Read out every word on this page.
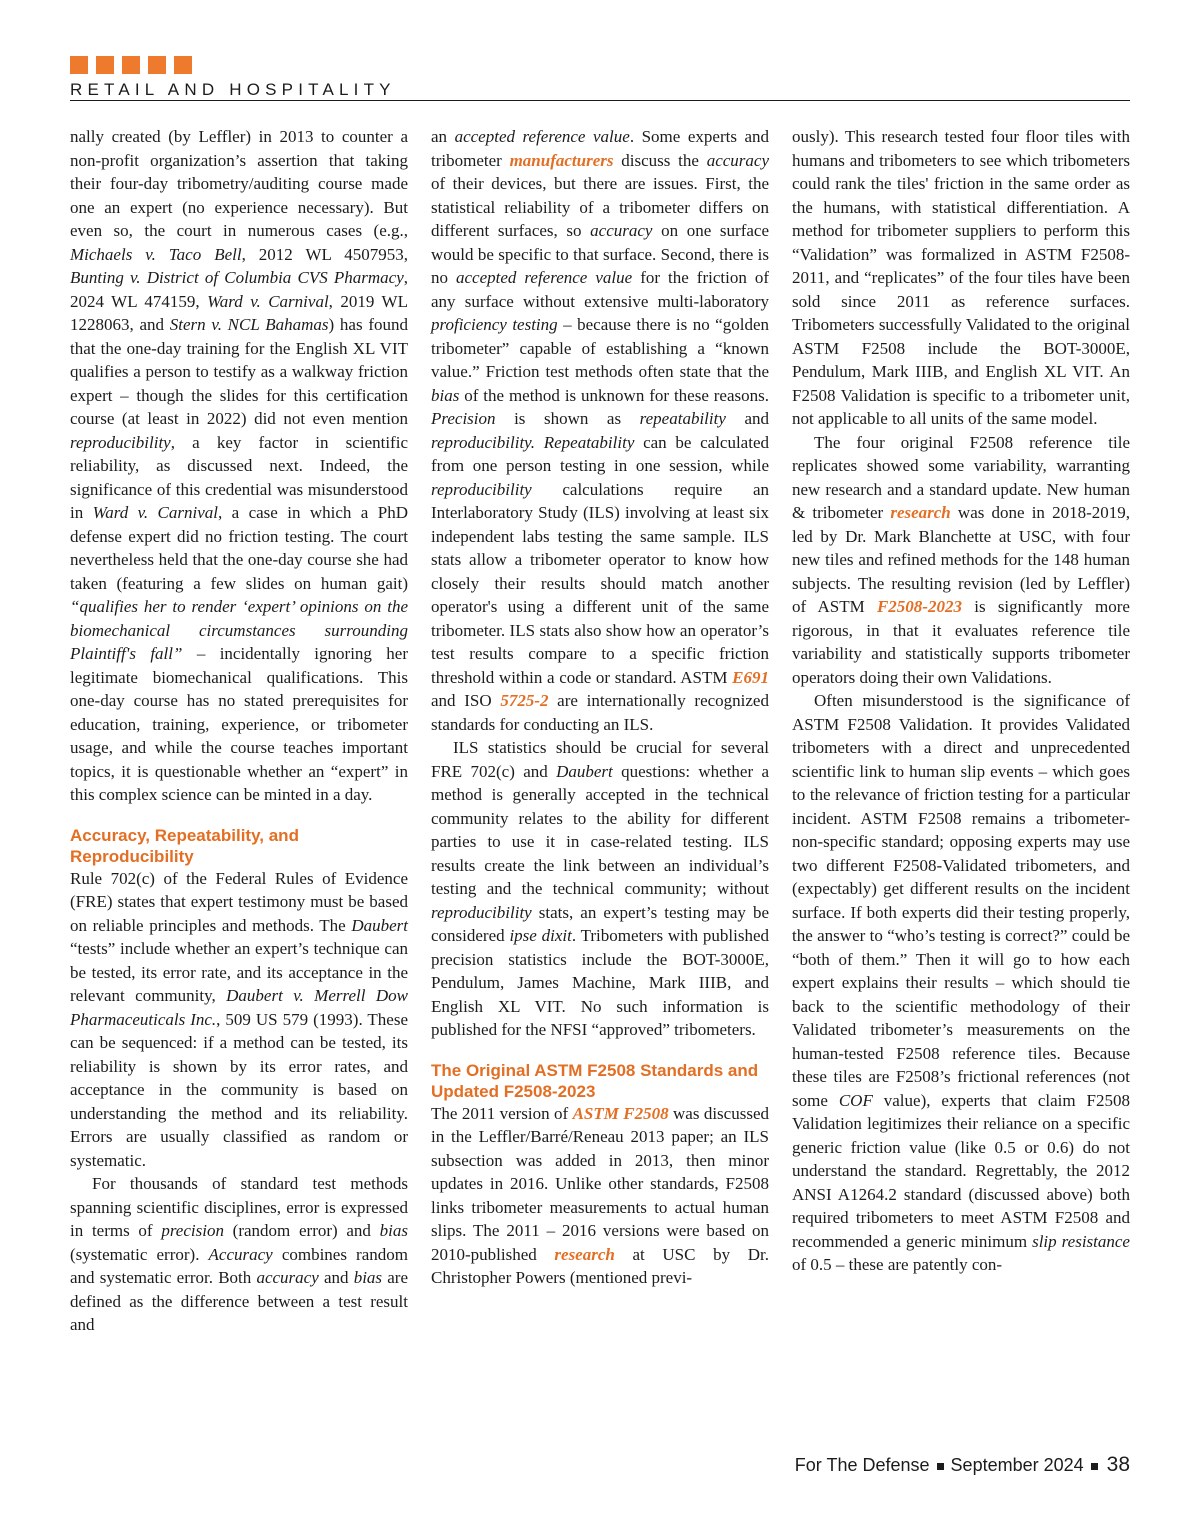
RETAIL AND HOSPITALITY

nally created (by Leffler) in 2013 to counter a non-profit organization’s assertion that taking their four-day tribometry/auditing course made one an expert (no experience necessary). But even so, the court in numerous cases (e.g., Michaels v. Taco Bell, 2012 WL 4507953, Bunting v. District of Columbia CVS Pharmacy, 2024 WL 474159, Ward v. Carnival, 2019 WL 1228063, and Stern v. NCL Bahamas) has found that the one-day training for the English XL VIT qualifies a person to testify as a walkway friction expert – though the slides for this certification course (at least in 2022) did not even mention reproducibility, a key factor in scientific reliability, as discussed next. Indeed, the significance of this credential was misunderstood in Ward v. Carnival, a case in which a PhD defense expert did no friction testing. The court nevertheless held that the one-day course she had taken (featuring a few slides on human gait) “qualifies her to render ‘expert’ opinions on the biomechanical circumstances surrounding Plaintiff's fall” – incidentally ignoring her legitimate biomechanical qualifications. This one-day course has no stated prerequisites for education, training, experience, or tribometer usage, and while the course teaches important topics, it is questionable whether an “expert” in this complex science can be minted in a day.

Accuracy, Repeatability, and Reproducibility

Rule 702(c) of the Federal Rules of Evidence (FRE) states that expert testimony must be based on reliable principles and methods. The Daubert “tests” include whether an expert’s technique can be tested, its error rate, and its acceptance in the relevant community, Daubert v. Merrell Dow Pharmaceuticals Inc., 509 US 579 (1993). These can be sequenced: if a method can be tested, its reliability is shown by its error rates, and acceptance in the community is based on understanding the method and its reliability. Errors are usually classified as random or systematic.

For thousands of standard test methods spanning scientific disciplines, error is expressed in terms of precision (random error) and bias (systematic error). Accuracy combines random and systematic error. Both accuracy and bias are defined as the difference between a test result and

an accepted reference value. Some experts and tribometer manufacturers discuss the accuracy of their devices, but there are issues. First, the statistical reliability of a tribometer differs on different surfaces, so accuracy on one surface would be specific to that surface. Second, there is no accepted reference value for the friction of any surface without extensive multi-laboratory proficiency testing – because there is no “golden tribometer” capable of establishing a “known value.” Friction test methods often state that the bias of the method is unknown for these reasons. Precision is shown as repeatability and reproducibility. Repeatability can be calculated from one person testing in one session, while reproducibility calculations require an Interlaboratory Study (ILS) involving at least six independent labs testing the same sample. ILS stats allow a tribometer operator to know how closely their results should match another operator's using a different unit of the same tribometer. ILS stats also show how an operator’s test results compare to a specific friction threshold within a code or standard. ASTM E691 and ISO 5725-2 are internationally recognized standards for conducting an ILS.

ILS statistics should be crucial for several FRE 702(c) and Daubert questions: whether a method is generally accepted in the technical community relates to the ability for different parties to use it in case-related testing. ILS results create the link between an individual’s testing and the technical community; without reproducibility stats, an expert’s testing may be considered ipse dixit. Tribometers with published precision statistics include the BOT-3000E, Pendulum, James Machine, Mark IIIB, and English XL VIT. No such information is published for the NFSI “approved” tribometers.

The Original ASTM F2508 Standards and Updated F2508-2023

The 2011 version of ASTM F2508 was discussed in the Leffler/Barré/Reneau 2013 paper; an ILS subsection was added in 2013, then minor updates in 2016. Unlike other standards, F2508 links tribometer measurements to actual human slips. The 2011 – 2016 versions were based on 2010-published research at USC by Dr. Christopher Powers (mentioned previ-

ously). This research tested four floor tiles with humans and tribometers to see which tribometers could rank the tiles' friction in the same order as the humans, with statistical differentiation. A method for tribometer suppliers to perform this “Validation” was formalized in ASTM F2508-2011, and “replicates” of the four tiles have been sold since 2011 as reference surfaces. Tribometers successfully Validated to the original ASTM F2508 include the BOT-3000E, Pendulum, Mark IIIB, and English XL VIT. An F2508 Validation is specific to a tribometer unit, not applicable to all units of the same model.

The four original F2508 reference tile replicates showed some variability, warranting new research and a standard update. New human & tribometer research was done in 2018-2019, led by Dr. Mark Blanchette at USC, with four new tiles and refined methods for the 148 human subjects. The resulting revision (led by Leffler) of ASTM F2508-2023 is significantly more rigorous, in that it evaluates reference tile variability and statistically supports tribometer operators doing their own Validations.

Often misunderstood is the significance of ASTM F2508 Validation. It provides Validated tribometers with a direct and unprecedented scientific link to human slip events – which goes to the relevance of friction testing for a particular incident. ASTM F2508 remains a tribometer-non-specific standard; opposing experts may use two different F2508-Validated tribometers, and (expectably) get different results on the incident surface. If both experts did their testing properly, the answer to “who’s testing is correct?” could be “both of them.” Then it will go to how each expert explains their results – which should tie back to the scientific methodology of their Validated tribometer’s measurements on the human-tested F2508 reference tiles. Because these tiles are F2508’s frictional references (not some COF value), experts that claim F2508 Validation legitimizes their reliance on a specific generic friction value (like 0.5 or 0.6) do not understand the standard. Regrettably, the 2012 ANSI A1264.2 standard (discussed above) both required tribometers to meet ASTM F2508 and recommended a generic minimum slip resistance of 0.5 – these are patently con-

For The Defense September 2024 38
